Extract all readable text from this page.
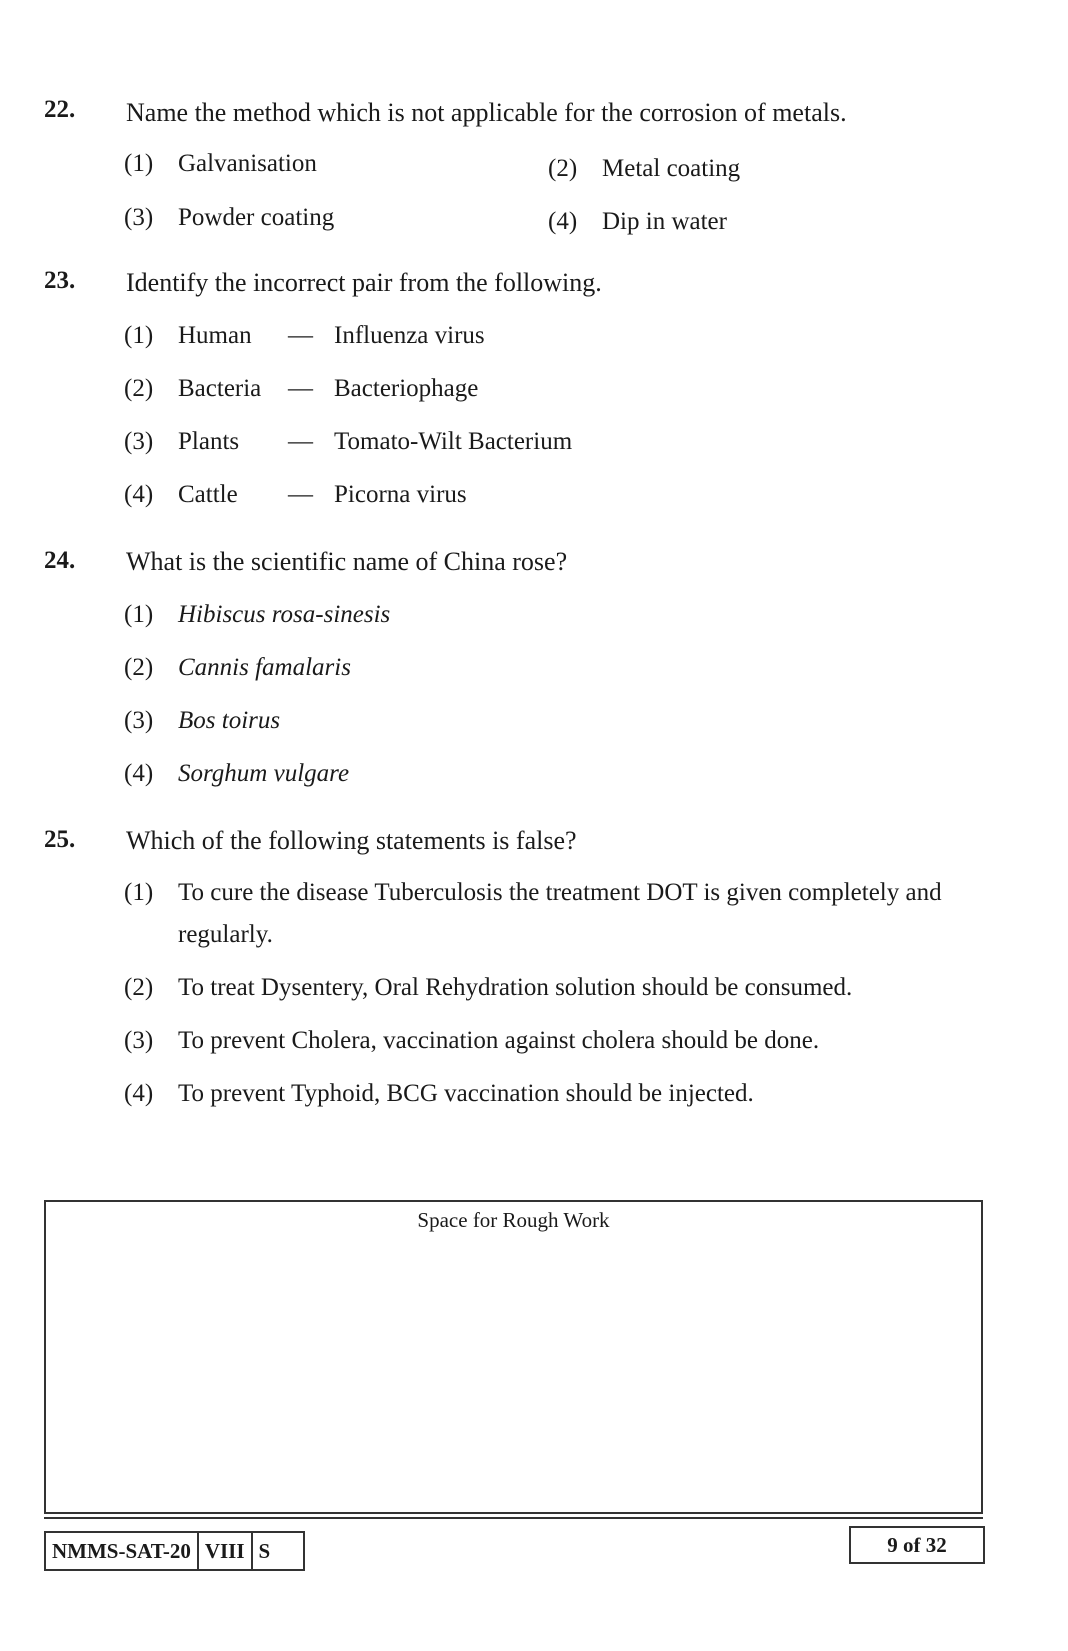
22. Name the method which is not applicable for the corrosion of metals.
(1) Galvanisation	(2) Metal coating
(3) Powder coating	(4) Dip in water
23. Identify the incorrect pair from the following.
(1) Human — Influenza virus
(2) Bacteria — Bacteriophage
(3) Plants — Tomato-Wilt Bacterium
(4) Cattle — Picorna virus
24. What is the scientific name of China rose?
(1) Hibiscus rosa-sinesis
(2) Cannis famalaris
(3) Bos toirus
(4) Sorghum vulgare
25. Which of the following statements is false?
(1) To cure the disease Tuberculosis the treatment DOT is given completely and regularly.
(2) To treat Dysentery, Oral Rehydration solution should be consumed.
(3) To prevent Cholera, vaccination against cholera should be done.
(4) To prevent Typhoid, BCG vaccination should be injected.
Space for Rough Work
NMMS-SAT-20 VIII S	9 of 32
